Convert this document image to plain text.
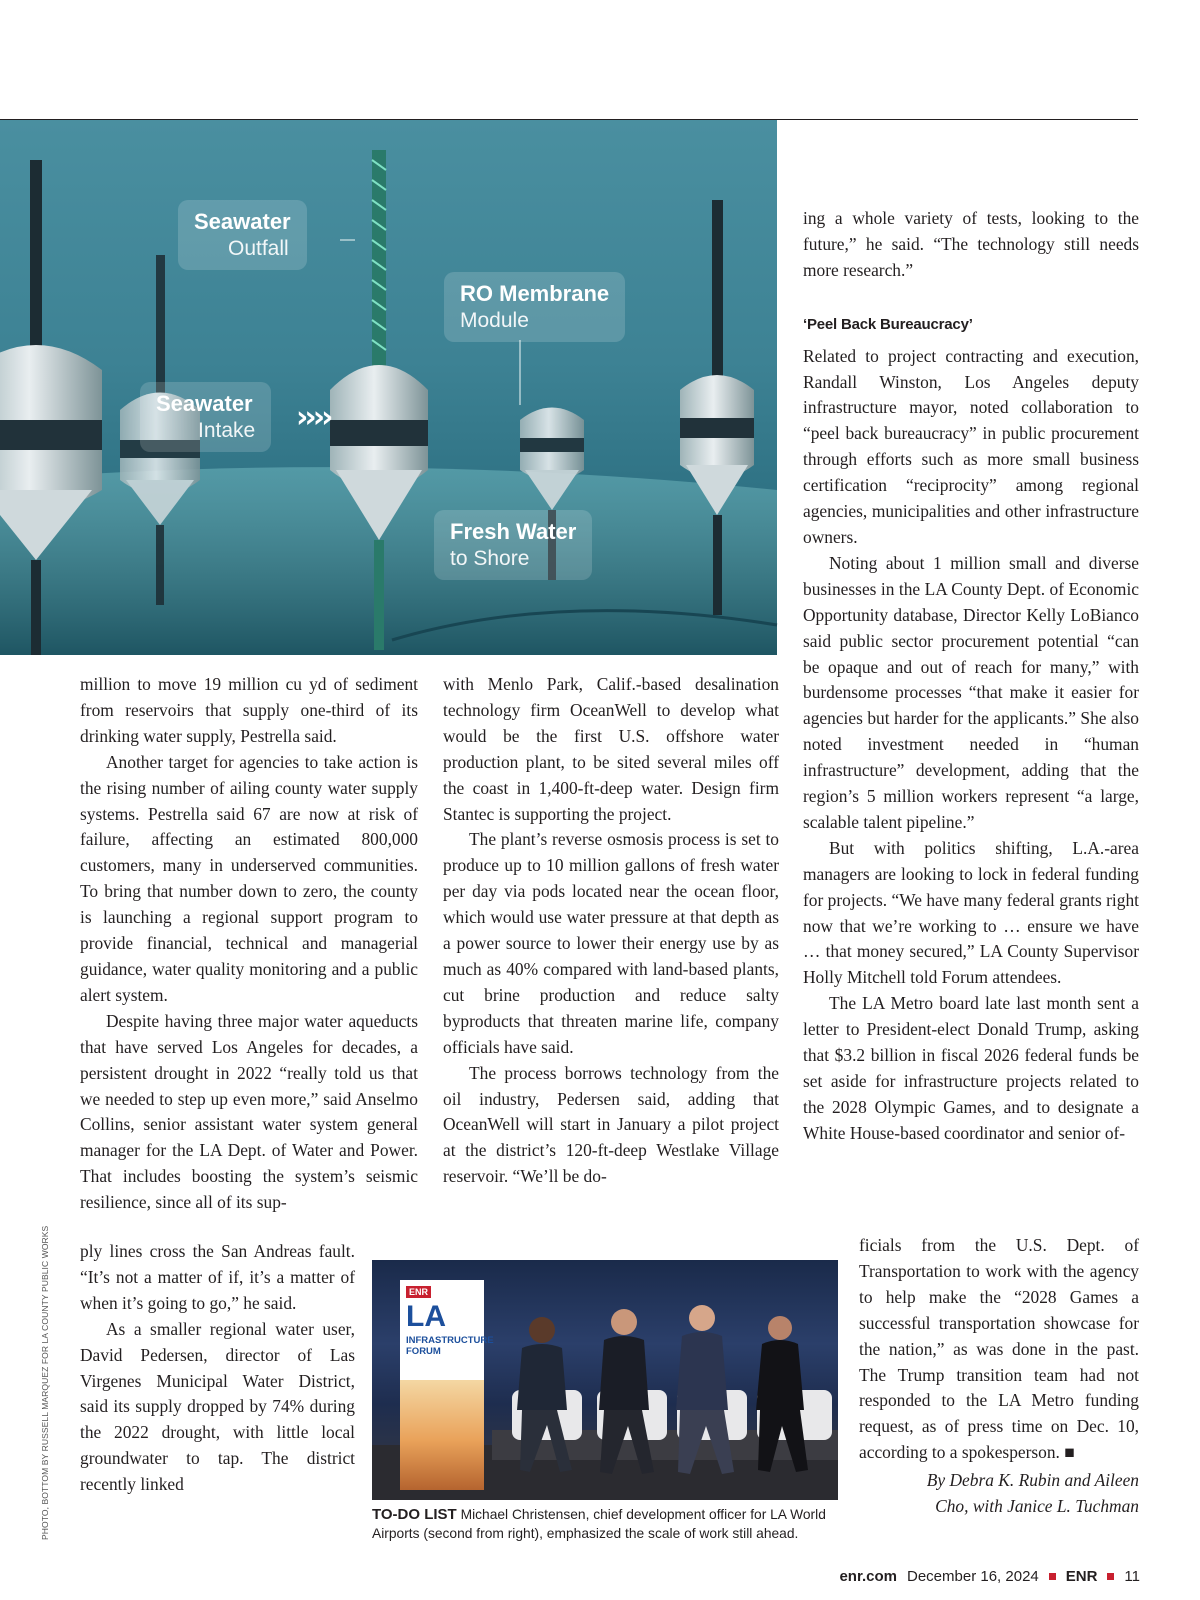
Seawater
Outfall
RO Membrane
Module
Seawater
Intake ››››
Fresh Water
to Shore

million to move 19 million cu yd of sediment from reservoirs that supply one-third of its drinking water supply, Pestrella said.

Another target for agencies to take action is the rising number of ailing county water supply systems. Pestrella said 67 are now at risk of failure, affecting an estimated 800,000 customers, many in underserved communities. To bring that number down to zero, the county is launching a regional support program to provide financial, technical and managerial guidance, water quality monitoring and a public alert system.

Despite having three major water aqueducts that have served Los Angeles for decades, a persistent drought in 2022 “really told us that we needed to step up even more,” said Anselmo Collins, senior assistant water system general manager for the LA Dept. of Water and Power. That includes boosting the system’s seismic resilience, since all of its sup-

ply lines cross the San Andreas fault. “It’s not a matter of if, it’s a matter of when it’s going to go,” he said.

As a smaller regional water user, David Pedersen, director of Las Virgenes Municipal Water District, said its supply dropped by 74% during the 2022 drought, with little local groundwater to tap. The district recently linked

with Menlo Park, Calif.-based desalination technology firm OceanWell to develop what would be the first U.S. offshore water production plant, to be sited several miles off the coast in 1,400-ft-deep water. Design firm Stantec is supporting the project.

The plant’s reverse osmosis process is set to produce up to 10 million gallons of fresh water per day via pods located near the ocean floor, which would use water pressure at that depth as a power source to lower their energy use by as much as 40% compared with land-based plants, cut brine production and reduce salty byproducts that threaten marine life, company officials have said.

The process borrows technology from the oil industry, Pedersen said, adding that OceanWell will start in January a pilot project at the district’s 120-ft-deep Westlake Village reservoir. “We’ll be do-

ing a whole variety of tests, looking to the future,” he said. “The technology still needs more research.”

‘Peel Back Bureaucracy’

Related to project contracting and execution, Randall Winston, Los Angeles deputy infrastructure mayor, noted collaboration to “peel back bureaucracy” in public procurement through efforts such as more small business certification “reciprocity” among regional agencies, municipalities and other infrastructure owners.

Noting about 1 million small and diverse businesses in the LA County Dept. of Economic Opportunity database, Director Kelly LoBianco said public sector procurement potential “can be opaque and out of reach for many,” with burdensome processes “that make it easier for agencies but harder for the applicants.” She also noted investment needed in “human infrastructure” development, adding that the region’s 5 million workers represent “a large, scalable talent pipeline.”

But with politics shifting, L.A.-area managers are looking to lock in federal funding for projects. “We have many federal grants right now that we’re working to … ensure we have … that money secured,” LA County Supervisor Holly Mitchell told Forum attendees.

The LA Metro board late last month sent a letter to President-elect Donald Trump, asking that $3.2 billion in fiscal 2026 federal funds be set aside for infrastructure projects related to the 2028 Olympic Games, and to designate a White House-based coordinator and senior of-

ficials from the U.S. Dept. of Transportation to work with the agency to help make the “2028 Games a successful transportation showcase for the nation,” as was done in the past. The Trump transition team had not responded to the LA Metro funding request, as of press time on Dec. 10, according to a spokesperson. ■

By Debra K. Rubin and Aileen
Cho, with Janice L. Tuchman
ENR
LA
INFRASTRUCTURE
FORUM
TO-DO LIST Michael Christensen, chief development officer for LA World Airports (second from right), emphasized the scale of work still ahead.
PHOTO, BOTTOM BY RUSSELL MARQUEZ FOR LA COUNTY PUBLIC WORKS
enr.com December 16, 2024 ENR 11
